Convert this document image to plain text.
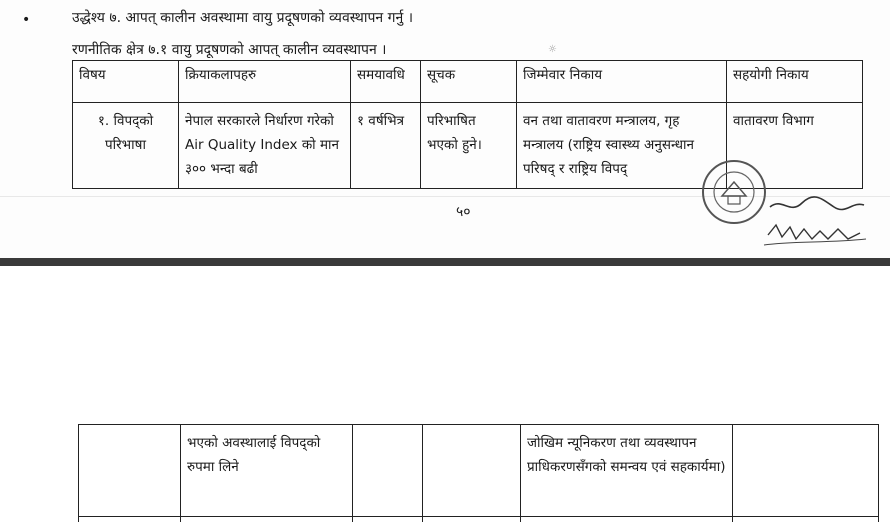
•	उद्धेश्य ७. आपत् कालीन अवस्थामा वायु प्रदूषणको व्यवस्थापन गर्नु ।
रणनीतिक क्षेत्र ७.१ वायु प्रदूषणको आपत् कालीन व्यवस्थापन ।	☼
विषय	क्रियाकलापहरु	समयावधि	सूचक	जिम्मेवार निकाय	सहयोगी निकाय
१. विपद्को परिभाषा	नेपाल सरकारले निर्धारण गरेको Air Quality Index को मान ३०० भन्दा बढी	१ वर्षभित्र	परिभाषित भएको हुने।	वन तथा वातावरण मन्त्रालय, गृह मन्त्रालय (राष्ट्रिय स्वास्थ्य अनुसन्धान परिषद् र राष्ट्रिय विपद्	वातावरण विभाग
५०
	भएको अवस्थालाई विपद्को रुपमा लिने			जोखिम न्यूनिकरण तथा व्यवस्थापन प्राधिकरणसँगको समन्वय एवं सहकार्यमा)	
